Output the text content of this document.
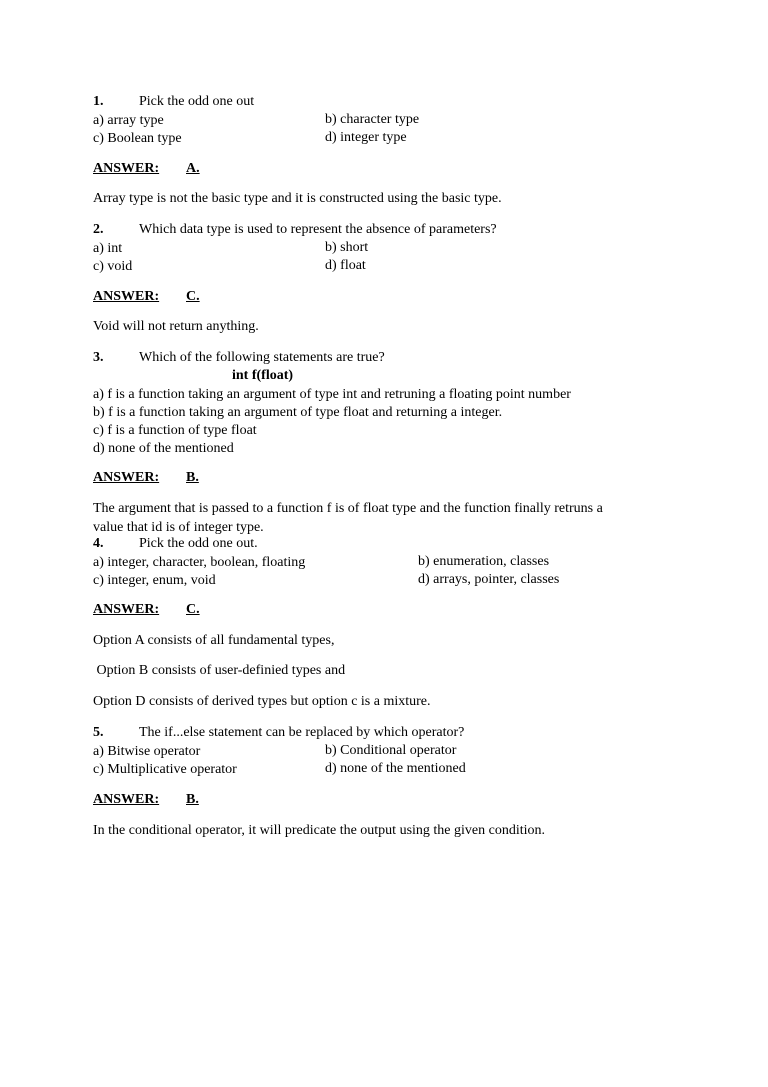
1.	Pick the odd one out
a) array type	b) character type
c) Boolean type	d) integer type
ANSWER: A.
Array type is not the basic type and it is constructed using the basic type.
2.	Which data type is used to represent the absence of parameters?
a) int	b) short
c) void	d) float
ANSWER: C.
Void will not return anything.
3.	Which of the following statements are true?
int f(float)
a) f is a function taking an argument of type int and retruning a floating point number
b) f is a function taking an argument of type float and returning a integer.
c) f is a function of type float
d) none of the mentioned
ANSWER: B.
The argument that is passed to a function f is of float type and the function finally retruns a
value that id is of integer type.
4.	Pick the odd one out.
a) integer, character, boolean, floating	b) enumeration, classes
c) integer, enum, void	d) arrays, pointer, classes
ANSWER: C.
Option A consists of all fundamental types,
Option B consists of user-definied types and
Option D consists of derived types but option c is a mixture.
5.	The if...else statement can be replaced by which operator?
a) Bitwise operator	b) Conditional operator
c) Multiplicative operator	d) none of the mentioned
ANSWER: B.
In the conditional operator, it will predicate the output using the given condition.
